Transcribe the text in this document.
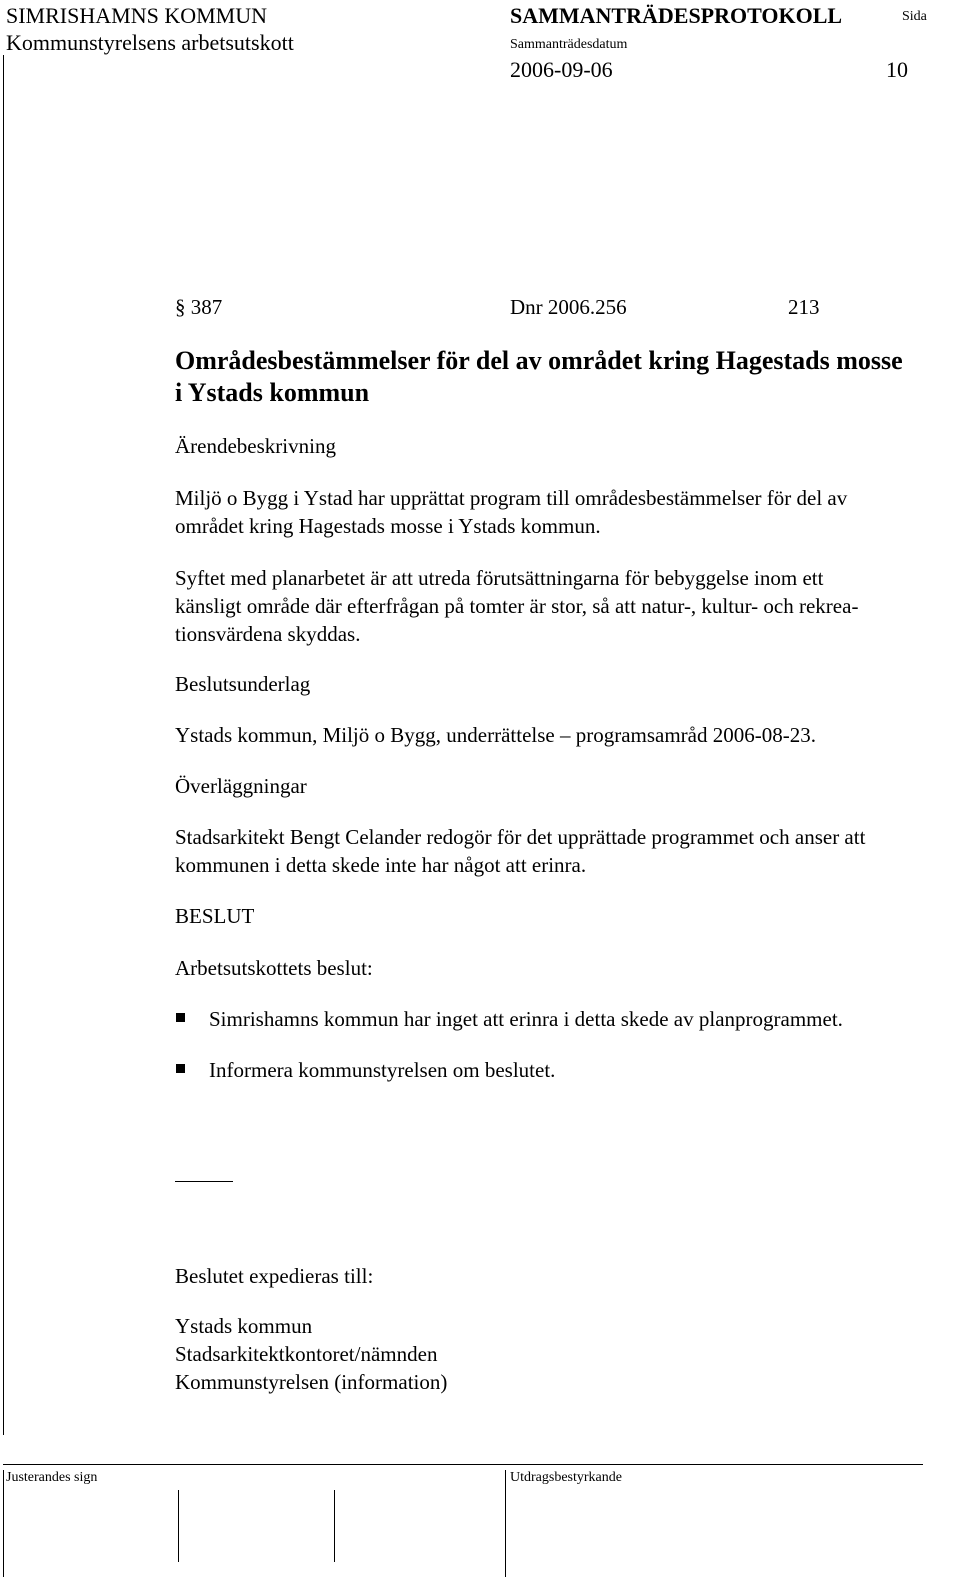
SIMRISHAMNS KOMMUN
Kommunstyrelsens arbetsutskott
SAMMANTRÄDESPROTOKOLL	Sida
Sammanträdesdatum
2006-09-06	10
§ 387	Dnr 2006.256	213
Områdesbestämmelser för del av området kring Hagestads mosse
i Ystads kommun
Ärendebeskrivning
Miljö o Bygg i Ystad har upprättat program till områdesbestämmelser för del av
området kring Hagestads mosse i Ystads kommun.
Syftet med planarbetet är att utreda förutsättningarna för bebyggelse inom ett
känsligt område där efterfrågan på tomter är stor, så att natur-, kultur- och rekrea-
tionsvärdena skyddas.
Beslutsunderlag
Ystads kommun, Miljö o Bygg, underrättelse – programsamråd 2006-08-23.
Överläggningar
Stadsarkitekt Bengt Celander redogör för det upprättade programmet och anser att
kommunen i detta skede inte har något att erinra.
BESLUT
Arbetsutskottets beslut:
Simrishamns kommun har inget att erinra i detta skede av planprogrammet.
Informera kommunstyrelsen om beslutet.
Beslutet expedieras till:
Ystads kommun
Stadsarkitektkontoret/nämnden
Kommunstyrelsen (information)
Justerandes sign	Utdragsbestyrkande
